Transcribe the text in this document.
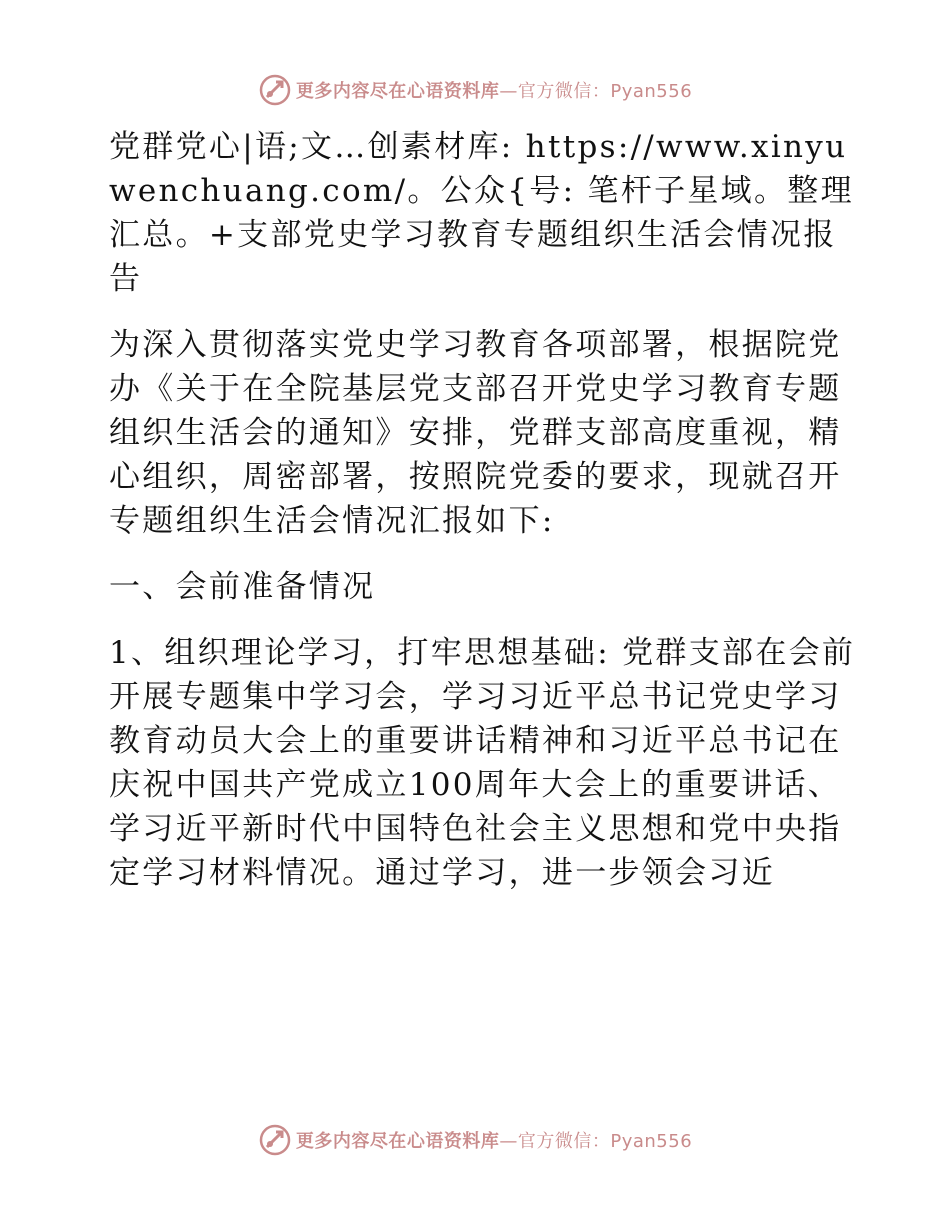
更多内容尽在心语资料库—官方微信：Pyan556

党群党心|语;文…创素材库: https://www.xinyuwenchuang.com/。公众{号: 笔杆子星域。整理汇总。+支部党史学习教育专题组织生活会情况报告

为深入贯彻落实党史学习教育各项部署，根据院党办《关于在全院基层党支部召开党史学习教育专题组织生活会的通知》安排，党群支部高度重视，精心组织，周密部署，按照院党委的要求，现就召开专题组织生活会情况汇报如下:

一、会前准备情况

1、组织理论学习，打牢思想基础: 党群支部在会前开展专题集中学习会，学习习近平总书记党史学习教育动员大会上的重要讲话精神和习近平总书记在庆祝中国共产党成立100周年大会上的重要讲话、学习近平新时代中国特色社会主义思想和党中央指定学习材料情况。通过学习，进一步领会习近

更多内容尽在心语资料库—官方微信：Pyan556
